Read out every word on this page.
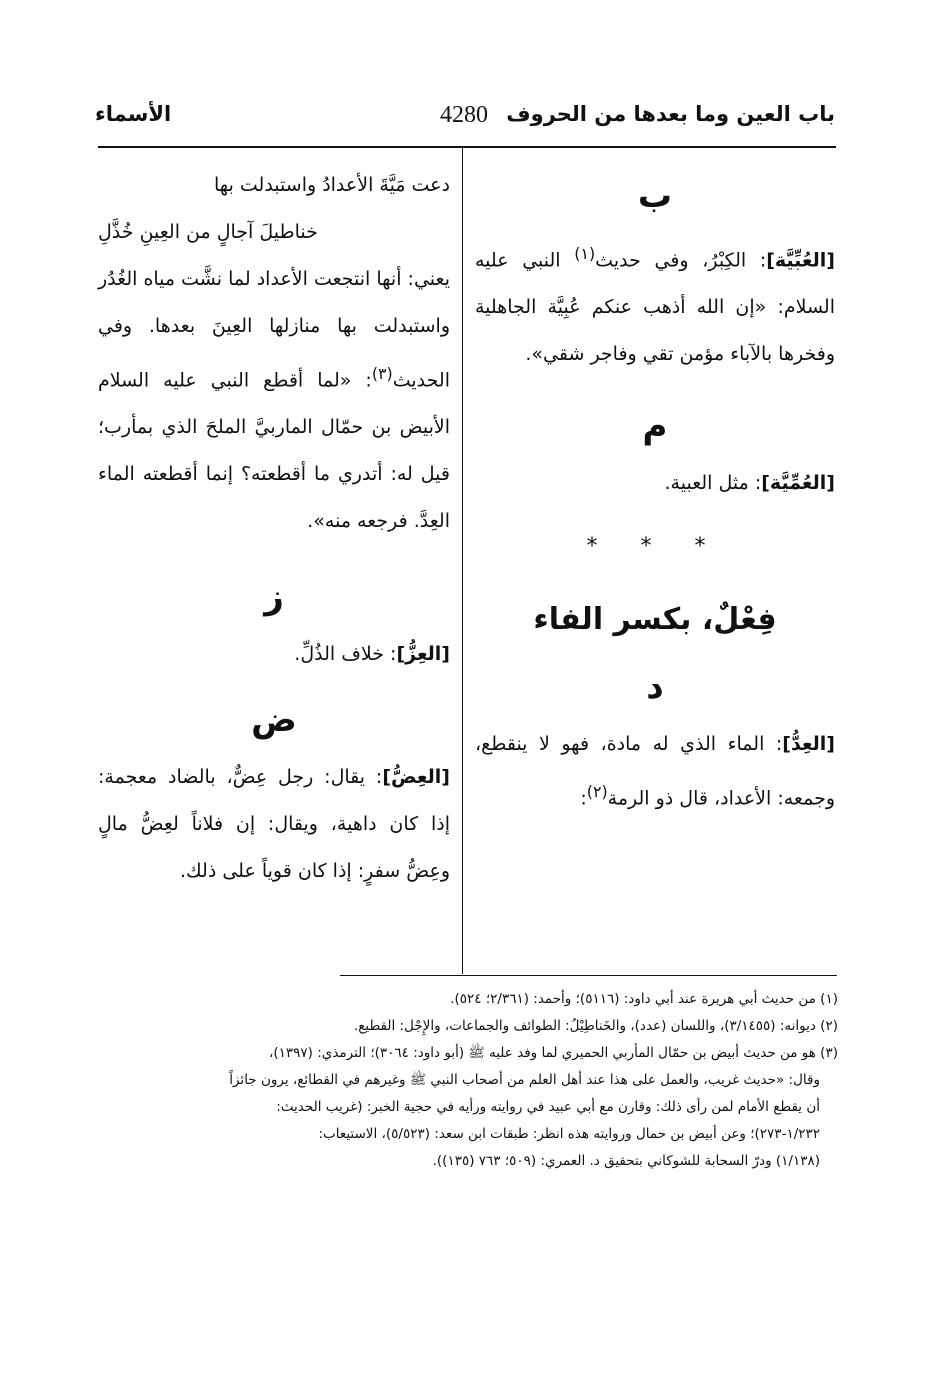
باب العين وما بعدها من الحروف
4280
الأسماء
ب

[العُبِّيَّة]: الكِبْرُ، وفي حديث$^{(١)}$ النبي عليه السلام: «إن الله أذهب عنكم عُبِيَّة الجاهلية وفخرها بالآباء مؤمن تقي وفاجر شقي».

م

[العُمِّيَّة]: مثل العبية.

* * *
فِعْلٌ، بكسر الفاء
د

[العِدُّ]: الماء الذي له مادة، فهو لا ينقطع، وجمعه: الأعداد، قال ذو الرمة$^{(٢)}$:

دعت مَيَّةَ الأعدادُ واستبدلت بها

خناطيلَ آجالٍ من العِينِ خُذَّلِ

يعني: أنها انتجعت الأعداد لما نشَّت مياه الغُدُر واستبدلت بها منازلها العِينَ بعدها. وفي الحديث$^{(٣)}$: «لما أقطع النبي عليه السلام الأبيض بن حمّال الماربيَّ الملحَ الذي بمأرب؛ قيل له: أتدري ما أقطعته؟ إنما أقطعته الماء العِدَّ. فرجعه منه».

ز

[العِزُّ]: خلاف الذُلِّ.

ض

[العِضُّ]: يقال: رجل عِضٌّ، بالضاد معجمة: إذا كان داهية، ويقال: إن فلاناً لعِضُّ مالٍ وعِضُّ سفرٍ: إذا كان قوياً على ذلك.

(١) من حديث أبي هريرة عند أبي داود: (٥١١٦)؛ وأحمد: (٢/٣٦١؛ ٥٢٤).

(٢) ديوانه: (٣/١٤٥٥)، واللسان (عدد)، والخَناطِيْلُ: الطوائف والجماعات، والإِجْل: القطيع.

(٣) هو من حديث أبيض بن حمّال المأربي الحميري لما وفد عليه ﷺ (أبو داود: ٣٠٦٤)؛ الترمذي: (١٣٩٧)،

وقال: «حديث غريب، والعمل على هذا عند أهل العلم من أصحاب النبي ﷺ وغيرهم في القطائع، يرون جائزاً

أن يقطع الأمام لمن رأى ذلك: وقارن مع أبي عبيد في روايته ورأيه في حجية الخبر: (غريب الحديث:

١/٢٣٢-٢٧٣)؛ وعن أبيض بن حمال وروايته هذه انظر: طبقات ابن سعد: (٥/٥٢٣)، الاستيعاب:

(١/١٣٨) ودرّ السحابة للشوكاني بتحقيق د. العمري: (٥٠٩؛ ٧٦٣ (١٣٥)).
